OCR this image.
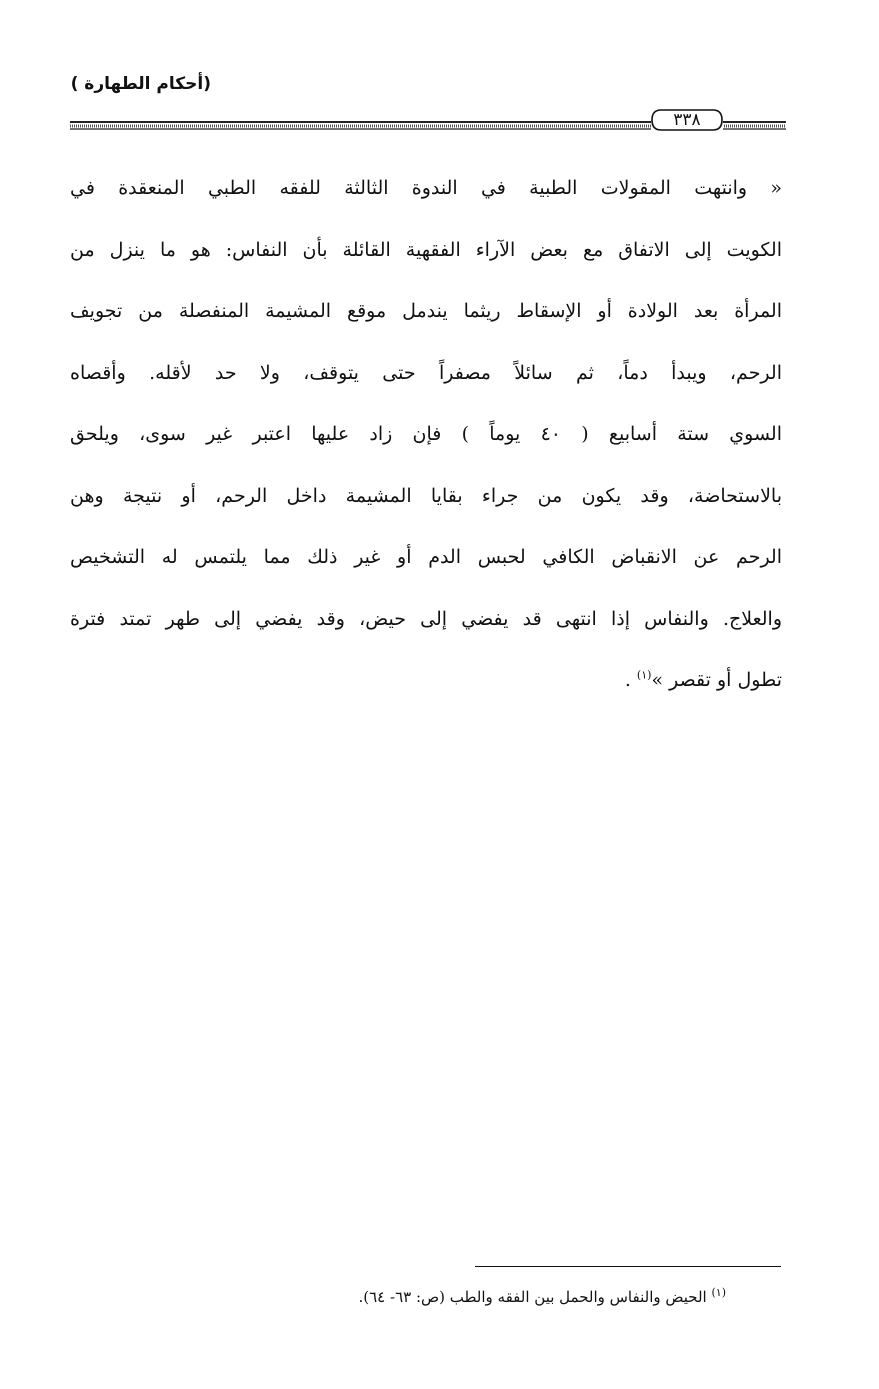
(أحكام الطهارة )
٣٣٨
« وانتهت المقولات الطبية في الندوة الثالثة للفقه الطبي المنعقدة في
الكويت إلى الاتفاق مع بعض الآراء الفقهية القائلة بأن النفاس: هو ما ينزل من
المرأة بعد الولادة أو الإسقاط ريثما يندمل موقع المشيمة المنفصلة من تجويف
الرحم، ويبدأ دماً، ثم سائلاً مصفراً حتى يتوقف، ولا حد لأقله. وأقصاه
السوي ستة أسابيع ( ٤٠ يوماً ) فإن زاد عليها اعتبر غير سوى، ويلحق
بالاستحاضة، وقد يكون من جراء بقايا المشيمة داخل الرحم، أو نتيجة وهن
الرحم عن الانقباض الكافي لحبس الدم أو غير ذلك مما يلتمس له التشخيص
والعلاج. والنفاس إذا انتهى قد يفضي إلى حيض، وقد يفضي إلى طهر تمتد فترة
تطول أو تقصر »$^{(١)}$ .
$^{(١)}$ الحيض والنفاس والحمل بين الفقه والطب (ص: ٦٣- ٦٤).
